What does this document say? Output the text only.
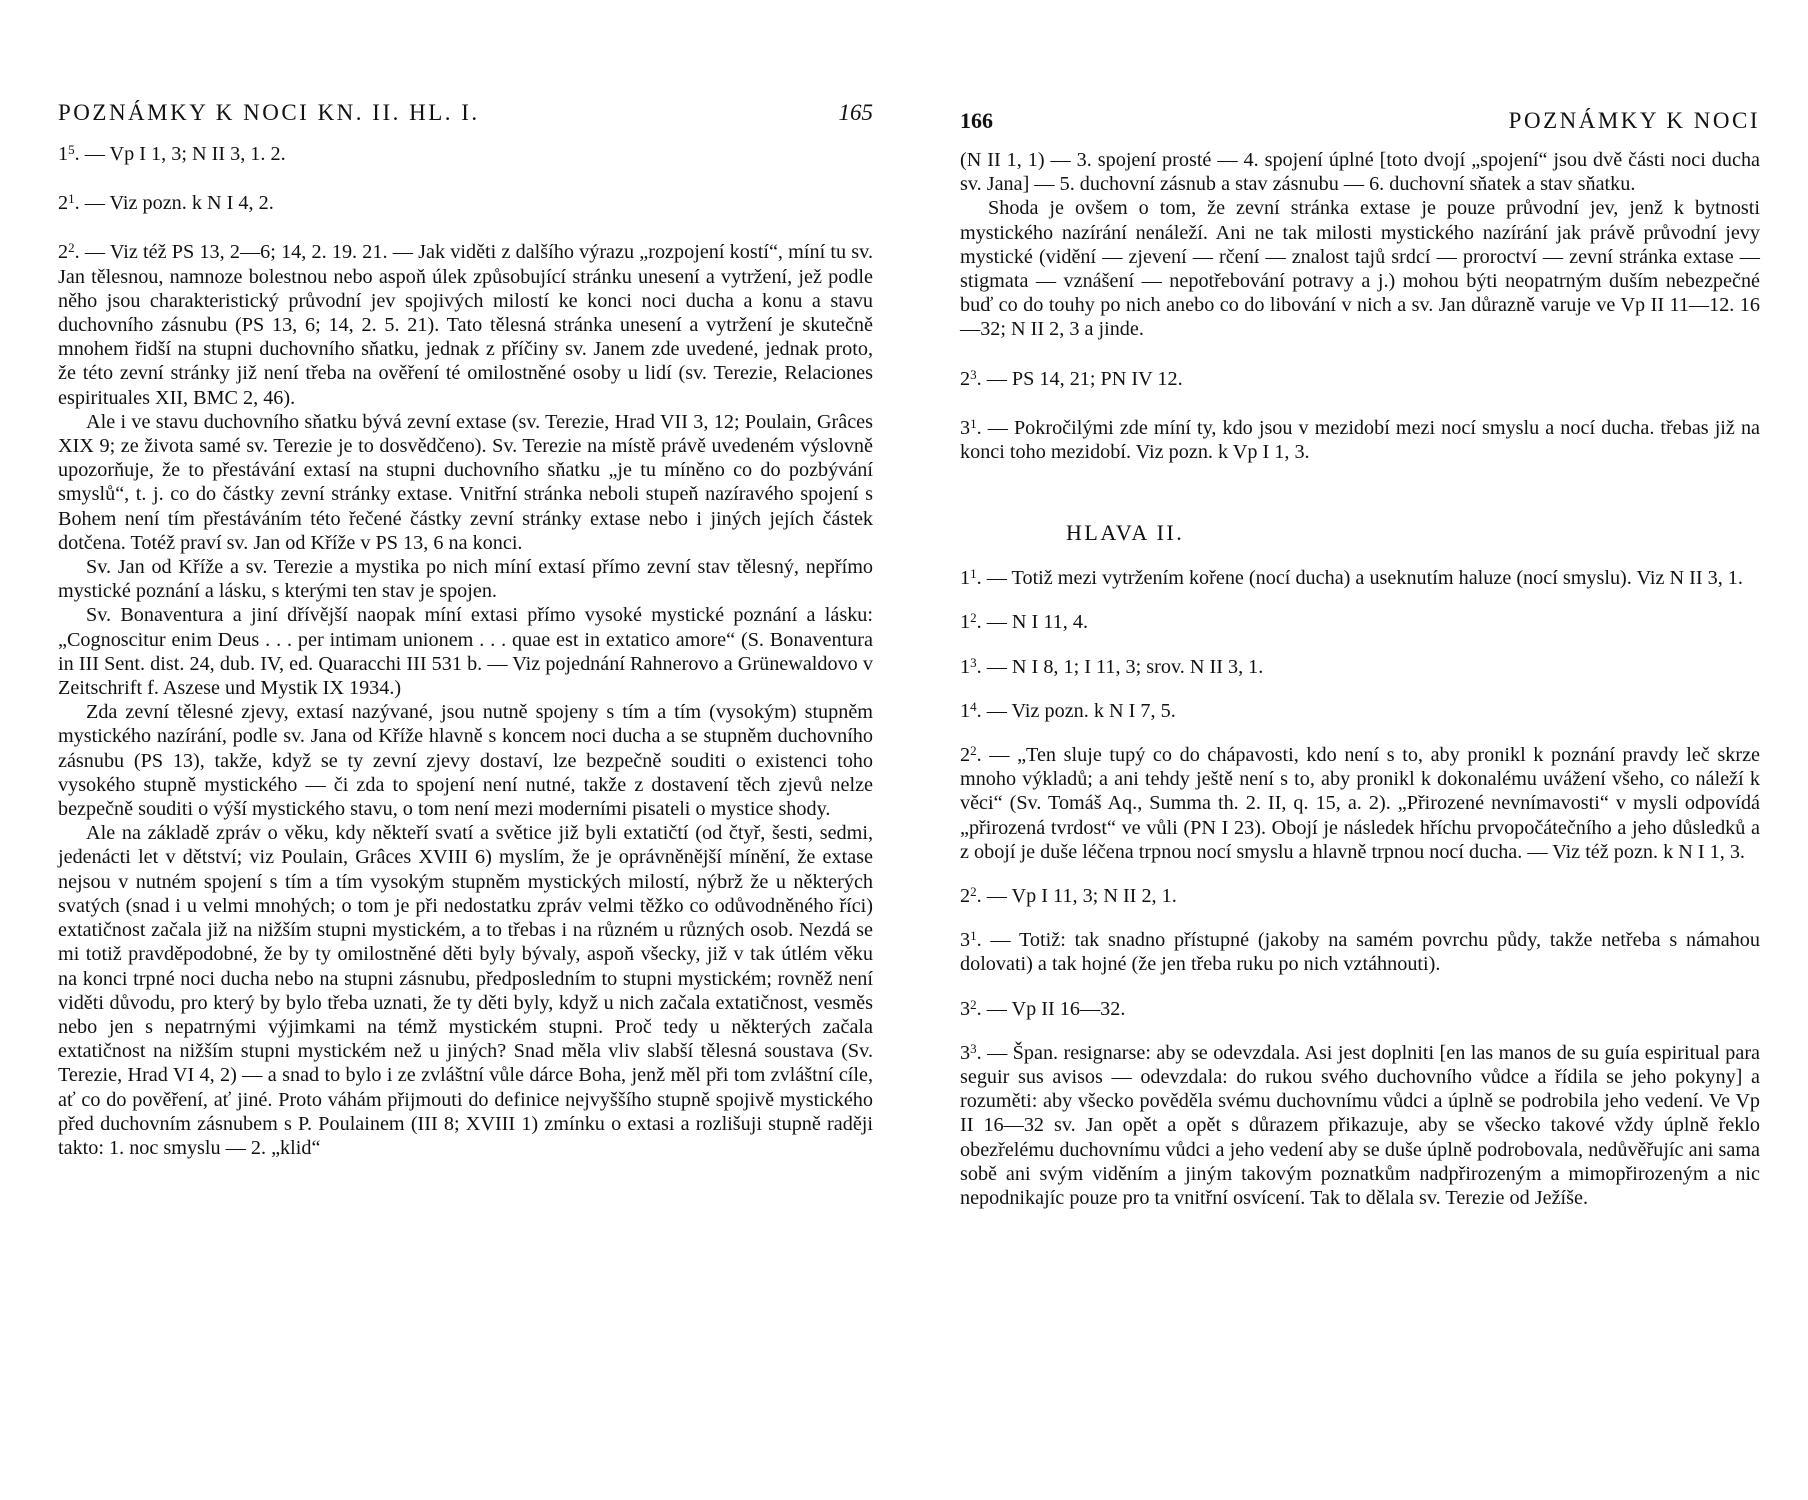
POZNÁMKY K NOCI KN. II. HL. I.	165

$1^5$. — Vp I 1, 3; N II 3, 1. 2.

$2^1$. — Viz pozn. k N I 4, 2.

$2^2$. — Viz též PS 13, 2—6; 14, 2. 19. 21. — Jak viděti z dalšího výrazu „rozpojení kostí“, míní tu sv. Jan tělesnou, namnoze bolestnou nebo aspoň úlek způsobující stránku unesení a vytržení, jež podle něho jsou charakteristický průvodní jev spojivých milostí ke konci noci ducha a konu a stavu duchovního zásnubu (PS 13, 6; 14, 2. 5. 21). Tato tělesná stránka unesení a vytržení je skutečně mnohem řidší na stupni duchovního sňatku, jednak z příčiny sv. Janem zde uvedené, jednak proto, že této zevní stránky již není třeba na ověření té omilostněné osoby u lidí (sv. Terezie, Relaciones espirituales XII, BMC 2, 46).

Ale i ve stavu duchovního sňatku bývá zevní extase (sv. Terezie, Hrad VII 3, 12; Poulain, Grâces XIX 9; ze života samé sv. Terezie je to dosvědčeno). Sv. Terezie na místě právě uvedeném výslovně upozorňuje, že to přestávání extasí na stupni duchovního sňatku „je tu míněno co do pozbývání smyslů“, t. j. co do částky zevní stránky extase. Vnitřní stránka neboli stupeň nazíravého spojení s Bohem není tím přestáváním této řečené částky zevní stránky extase nebo i jiných jejích částek dotčena. Totéž praví sv. Jan od Kříže v PS 13, 6 na konci.

Sv. Jan od Kříže a sv. Terezie a mystika po nich míní extasí přímo zevní stav tělesný, nepřímo mystické poznání a lásku, s kterými ten stav je spojen.

Sv. Bonaventura a jiní dřívější naopak míní extasi přímo vysoké mystické poznání a lásku: „Cognoscitur enim Deus . . . per intimam unionem . . . quae est in extatico amore“ (S. Bonaventura in III Sent. dist. 24, dub. IV, ed. Quaracchi III 531 b. — Viz pojednání Rahnerovo a Grünewaldovo v Zeitschrift f. Aszese und Mystik IX 1934.)

Zda zevní tělesné zjevy, extasí nazývané, jsou nutně spojeny s tím a tím (vysokým) stupněm mystického nazírání, podle sv. Jana od Kříže hlavně s koncem noci ducha a se stupněm duchovního zásnubu (PS 13), takže, když se ty zevní zjevy dostaví, lze bezpečně souditi o existenci toho vysokého stupně mystického — či zda to spojení není nutné, takže z dostavení těch zjevů nelze bezpečně souditi o výší mystického stavu, o tom není mezi moderními pisateli o mystice shody.

Ale na základě zpráv o věku, kdy někteří svatí a světice již byli extatičtí (od čtyř, šesti, sedmi, jedenácti let v dětství; viz Poulain, Grâces XVIII 6) myslím, že je oprávněnější mínění, že extase nejsou v nutném spojení s tím a tím vysokým stupněm mystických milostí, nýbrž že u některých svatých (snad i u velmi mnohých; o tom je při nedostatku zpráv velmi těžko co odůvodněného říci) extatičnost začala již na nižším stupni mystickém, a to třebas i na různém u různých osob. Nezdá se mi totiž pravděpodobné, že by ty omilostněné děti byly bývaly, aspoň všecky, již v tak útlém věku na konci trpné noci ducha nebo na stupni zásnubu, předposledním to stupni mystickém; rovněž není viděti důvodu, pro který by bylo třeba uznati, že ty děti byly, když u nich začala extatičnost, vesměs nebo jen s nepatrnými výjimkami na témž mystickém stupni. Proč tedy u některých začala extatičnost na nižším stupni mystickém než u jiných? Snad měla vliv slabší tělesná soustava (Sv. Terezie, Hrad VI 4, 2) — a snad to bylo i ze zvláštní vůle dárce Boha, jenž měl při tom zvláštní cíle, ať co do pověření, ať jiné. Proto váhám přijmouti do definice nejvyššího stupně spojivě mystického před duchovním zásnubem s P. Poulainem (III 8; XVIII 1) zmínku o extasi a rozlišuji stupně raději takto: 1. noc smyslu — 2. „klid“

166	POZNÁMKY K NOCI

(N II 1, 1) — 3. spojení prosté — 4. spojení úplné [toto dvojí „spojení“ jsou dvě části noci ducha sv. Jana] — 5. duchovní zásnub a stav zásnubu — 6. duchovní sňatek a stav sňatku.

Shoda je ovšem o tom, že zevní stránka extase je pouze průvodní jev, jenž k bytnosti mystického nazírání nenáleží. Ani ne tak milosti mystického nazírání jak právě průvodní jevy mystické (vidění — zjevení — rčení — znalost tajů srdcí — proroctví — zevní stránka extase — stigmata — vznášení — nepotřebování potravy a j.) mohou býti neopatrným duším nebezpečné buď co do touhy po nich anebo co do libování v nich a sv. Jan důrazně varuje ve Vp II 11—12. 16—32; N II 2, 3 a jinde.

$2^3$. — PS 14, 21; PN IV 12.

$3^1$. — Pokročilými zde míní ty, kdo jsou v mezidobí mezi nocí smyslu a nocí ducha. třebas již na konci toho mezidobí. Viz pozn. k Vp I 1, 3.

HLAVA II.

$1^1$. — Totiž mezi vytržením kořene (nocí ducha) a useknutím haluze (nocí smyslu). Viz N II 3, 1.

$1^2$. — N I 11, 4.

$1^3$. — N I 8, 1; I 11, 3; srov. N II 3, 1.

$1^4$. — Viz pozn. k N I 7, 5.

$2^2$. — „Ten sluje tupý co do chápavosti, kdo není s to, aby pronikl k poznání pravdy leč skrze mnoho výkladů; a ani tehdy ještě není s to, aby pronikl k dokonalému uvážení všeho, co náleží k věci“ (Sv. Tomáš Aq., Summa th. 2. II, q. 15, a. 2). „Přirozené nevnímavosti“ v mysli odpovídá „přirozená tvrdost“ ve vůli (PN I 23). Obojí je následek hříchu prvopočátečního a jeho důsledků a z obojí je duše léčena trpnou nocí smyslu a hlavně trpnou nocí ducha. — Viz též pozn. k N I 1, 3.

$2^2$. — Vp I 11, 3; N II 2, 1.

$3^1$. — Totiž: tak snadno přístupné (jakoby na samém povrchu půdy, takže netřeba s námahou dolovati) a tak hojné (že jen třeba ruku po nich vztáhnouti).

$3^2$. — Vp II 16—32.

$3^3$. — Špan. resignarse: aby se odevzdala. Asi jest doplniti [en las manos de su guía espiritual para seguir sus avisos — odevzdala: do rukou svého duchovního vůdce a řídila se jeho pokyny] a rozuměti: aby všecko pověděla svému duchovnímu vůdci a úplně se podrobila jeho vedení. Ve Vp II 16—32 sv. Jan opět a opět s důrazem přikazuje, aby se všecko takové vždy úplně řeklo obezřelému duchovnímu vůdci a jeho vedení aby se duše úplně podrobovala, nedůvěřujíc ani sama sobě ani svým viděním a jiným takovým poznatkům nadpřirozeným a mimopřirozeným a nic nepodnikajíc pouze pro ta vnitřní osvícení. Tak to dělala sv. Terezie od Ježíše.
